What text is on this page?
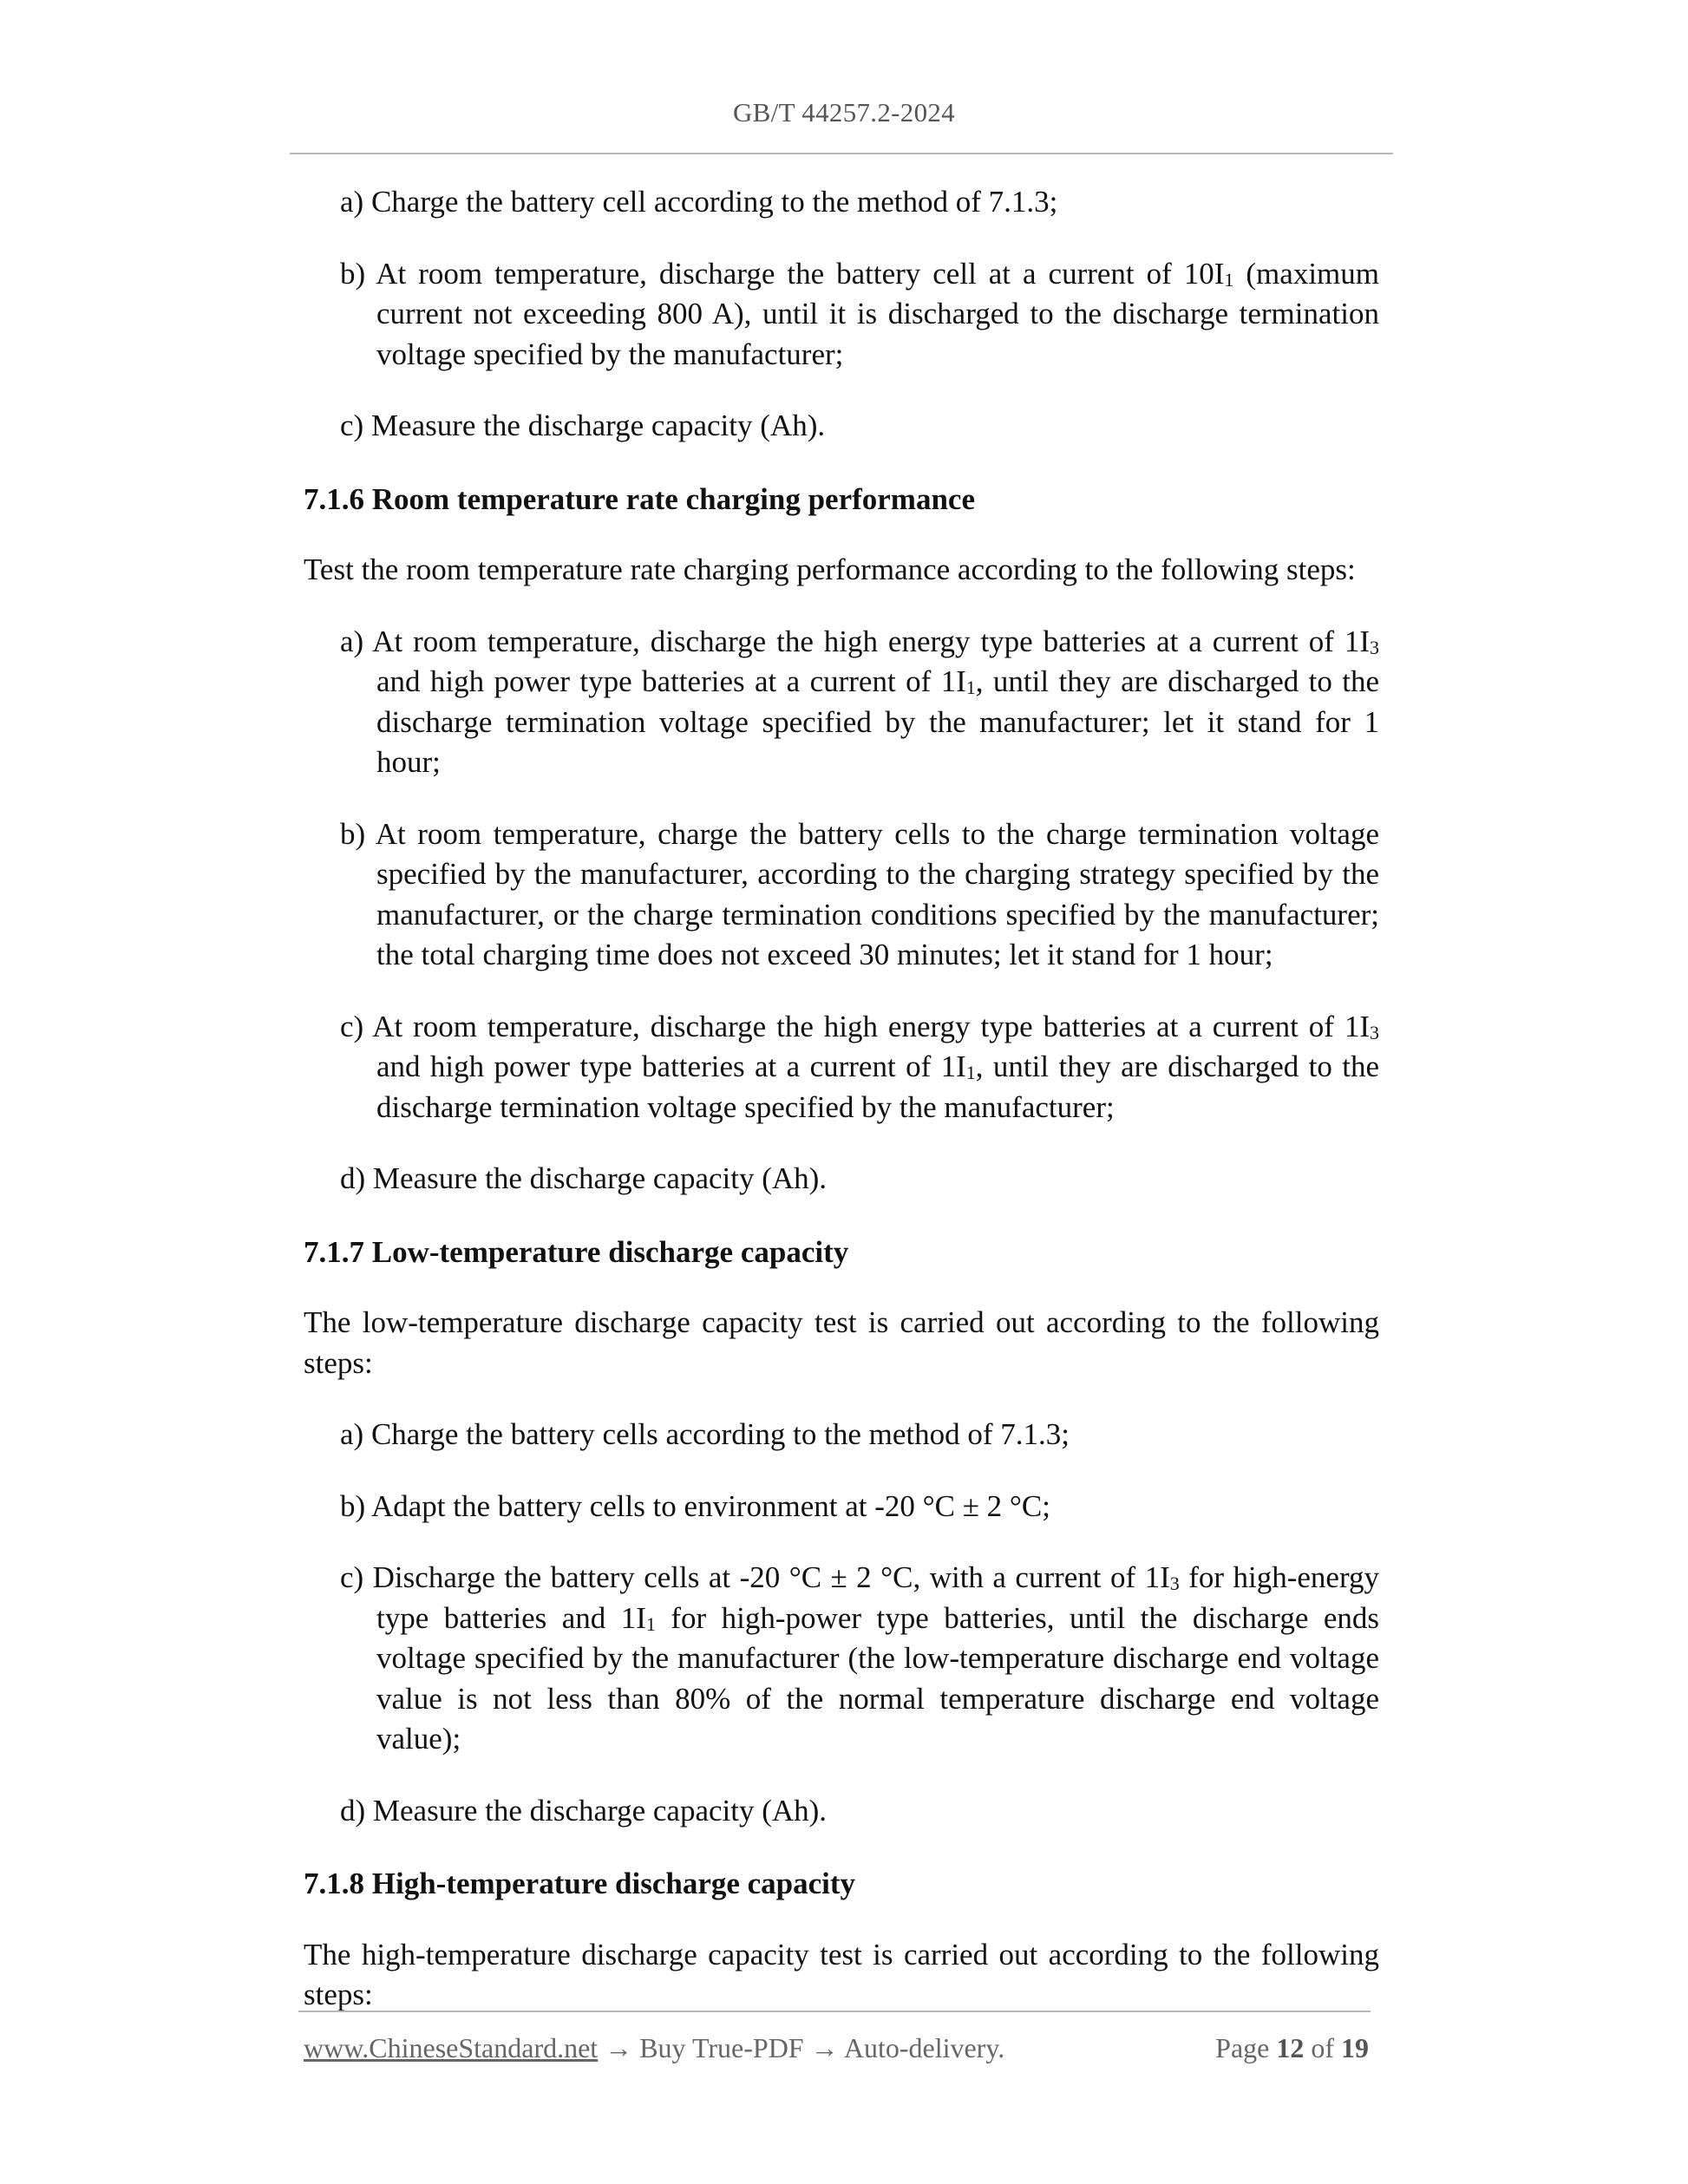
GB/T 44257.2-2024

a) Charge the battery cell according to the method of 7.1.3;

b) At room temperature, discharge the battery cell at a current of $10I_1$ (maximum current not exceeding 800 A), until it is discharged to the discharge termination voltage specified by the manufacturer;

c) Measure the discharge capacity (Ah).

7.1.6 Room temperature rate charging performance

Test the room temperature rate charging performance according to the following steps:

a) At room temperature, discharge the high energy type batteries at a current of $1I_3$ and high power type batteries at a current of $1I_1$, until they are discharged to the discharge termination voltage specified by the manufacturer; let it stand for 1 hour;

b) At room temperature, charge the battery cells to the charge termination voltage specified by the manufacturer, according to the charging strategy specified by the manufacturer, or the charge termination conditions specified by the manufacturer; the total charging time does not exceed 30 minutes; let it stand for 1 hour;

c) At room temperature, discharge the high energy type batteries at a current of $1I_3$ and high power type batteries at a current of $1I_1$, until they are discharged to the discharge termination voltage specified by the manufacturer;

d) Measure the discharge capacity (Ah).

7.1.7 Low-temperature discharge capacity

The low-temperature discharge capacity test is carried out according to the following steps:

a) Charge the battery cells according to the method of 7.1.3;

b) Adapt the battery cells to environment at -20 °C ± 2 °C;

c) Discharge the battery cells at -20 °C ± 2 °C, with a current of $1I_3$ for high-energy type batteries and $1I_1$ for high-power type batteries, until the discharge ends voltage specified by the manufacturer (the low-temperature discharge end voltage value is not less than 80% of the normal temperature discharge end voltage value);

d) Measure the discharge capacity (Ah).

7.1.8 High-temperature discharge capacity

The high-temperature discharge capacity test is carried out according to the following steps:

www.ChineseStandard.net → Buy True-PDF → Auto-delivery.	Page 12 of 19
